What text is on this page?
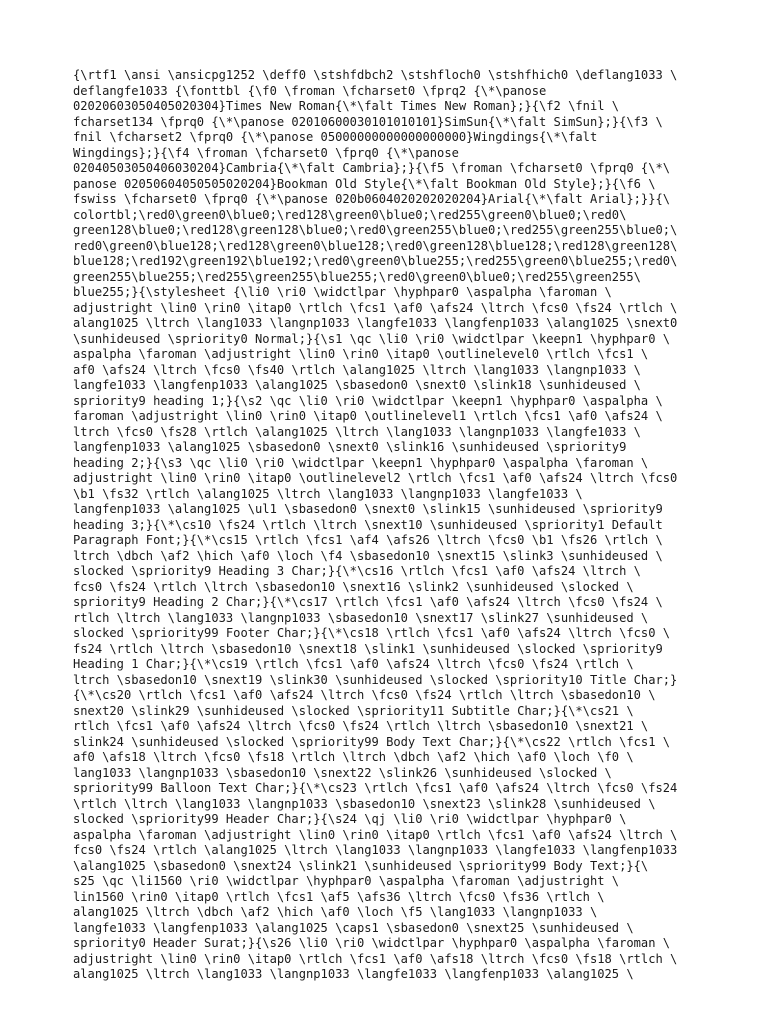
{\rtf1 \ansi \ansicpg1252 \deff0 \stshfdbch2 \stshfloch0 \stshfhich0 \deflang1033 \
deflangfe1033 {\fonttbl {\f0 \froman \fcharset0 \fprq2 {\*\panose
02020603050405020304}Times New Roman{\*\falt Times New Roman};}{\f2 \fnil \
fcharset134 \fprq0 {\*\panose 02010600030101010101}SimSun{\*\falt SimSun};}{\f3 \
fnil \fcharset2 \fprq0 {\*\panose 05000000000000000000}Wingdings{\*\falt
Wingdings};}{\f4 \froman \fcharset0 \fprq0 {\*\panose
02040503050406030204}Cambria{\*\falt Cambria};}{\f5 \froman \fcharset0 \fprq0 {\*\
panose 02050604050505020204}Bookman Old Style{\*\falt Bookman Old Style};}{\f6 \
fswiss \fcharset0 \fprq0 {\*\panose 020b0604020202020204}Arial{\*\falt Arial};}}{\
colortbl;\red0\green0\blue0;\red128\green0\blue0;\red255\green0\blue0;\red0\
green128\blue0;\red128\green128\blue0;\red0\green255\blue0;\red255\green255\blue0;\
red0\green0\blue128;\red128\green0\blue128;\red0\green128\blue128;\red128\green128\
blue128;\red192\green192\blue192;\red0\green0\blue255;\red255\green0\blue255;\red0\
green255\blue255;\red255\green255\blue255;\red0\green0\blue0;\red255\green255\
blue255;}{\stylesheet {\li0 \ri0 \widctlpar \hyphpar0 \aspalpha \faroman \
adjustright \lin0 \rin0 \itap0 \rtlch \fcs1 \af0 \afs24 \ltrch \fcs0 \fs24 \rtlch \
alang1025 \ltrch \lang1033 \langnp1033 \langfe1033 \langfenp1033 \alang1025 \snext0
\sunhideused \spriority0 Normal;}{\s1 \qc \li0 \ri0 \widctlpar \keepn1 \hyphpar0 \
aspalpha \faroman \adjustright \lin0 \rin0 \itap0 \outlinelevel0 \rtlch \fcs1 \
af0 \afs24 \ltrch \fcs0 \fs40 \rtlch \alang1025 \ltrch \lang1033 \langnp1033 \
langfe1033 \langfenp1033 \alang1025 \sbasedon0 \snext0 \slink18 \sunhideused \
spriority9 heading 1;}{\s2 \qc \li0 \ri0 \widctlpar \keepn1 \hyphpar0 \aspalpha \
faroman \adjustright \lin0 \rin0 \itap0 \outlinelevel1 \rtlch \fcs1 \af0 \afs24 \
ltrch \fcs0 \fs28 \rtlch \alang1025 \ltrch \lang1033 \langnp1033 \langfe1033 \
langfenp1033 \alang1025 \sbasedon0 \snext0 \slink16 \sunhideused \spriority9
heading 2;}{\s3 \qc \li0 \ri0 \widctlpar \keepn1 \hyphpar0 \aspalpha \faroman \
adjustright \lin0 \rin0 \itap0 \outlinelevel2 \rtlch \fcs1 \af0 \afs24 \ltrch \fcs0
\b1 \fs32 \rtlch \alang1025 \ltrch \lang1033 \langnp1033 \langfe1033 \
langfenp1033 \alang1025 \ul1 \sbasedon0 \snext0 \slink15 \sunhideused \spriority9
heading 3;}{\*\cs10 \fs24 \rtlch \ltrch \snext10 \sunhideused \spriority1 Default
Paragraph Font;}{\*\cs15 \rtlch \fcs1 \af4 \afs26 \ltrch \fcs0 \b1 \fs26 \rtlch \
ltrch \dbch \af2 \hich \af0 \loch \f4 \sbasedon10 \snext15 \slink3 \sunhideused \
slocked \spriority9 Heading 3 Char;}{\*\cs16 \rtlch \fcs1 \af0 \afs24 \ltrch \
fcs0 \fs24 \rtlch \ltrch \sbasedon10 \snext16 \slink2 \sunhideused \slocked \
spriority9 Heading 2 Char;}{\*\cs17 \rtlch \fcs1 \af0 \afs24 \ltrch \fcs0 \fs24 \
rtlch \ltrch \lang1033 \langnp1033 \sbasedon10 \snext17 \slink27 \sunhideused \
slocked \spriority99 Footer Char;}{\*\cs18 \rtlch \fcs1 \af0 \afs24 \ltrch \fcs0 \
fs24 \rtlch \ltrch \sbasedon10 \snext18 \slink1 \sunhideused \slocked \spriority9
Heading 1 Char;}{\*\cs19 \rtlch \fcs1 \af0 \afs24 \ltrch \fcs0 \fs24 \rtlch \
ltrch \sbasedon10 \snext19 \slink30 \sunhideused \slocked \spriority10 Title Char;}
{\*\cs20 \rtlch \fcs1 \af0 \afs24 \ltrch \fcs0 \fs24 \rtlch \ltrch \sbasedon10 \
snext20 \slink29 \sunhideused \slocked \spriority11 Subtitle Char;}{\*\cs21 \
rtlch \fcs1 \af0 \afs24 \ltrch \fcs0 \fs24 \rtlch \ltrch \sbasedon10 \snext21 \
slink24 \sunhideused \slocked \spriority99 Body Text Char;}{\*\cs22 \rtlch \fcs1 \
af0 \afs18 \ltrch \fcs0 \fs18 \rtlch \ltrch \dbch \af2 \hich \af0 \loch \f0 \
lang1033 \langnp1033 \sbasedon10 \snext22 \slink26 \sunhideused \slocked \
spriority99 Balloon Text Char;}{\*\cs23 \rtlch \fcs1 \af0 \afs24 \ltrch \fcs0 \fs24
\rtlch \ltrch \lang1033 \langnp1033 \sbasedon10 \snext23 \slink28 \sunhideused \
slocked \spriority99 Header Char;}{\s24 \qj \li0 \ri0 \widctlpar \hyphpar0 \
aspalpha \faroman \adjustright \lin0 \rin0 \itap0 \rtlch \fcs1 \af0 \afs24 \ltrch \
fcs0 \fs24 \rtlch \alang1025 \ltrch \lang1033 \langnp1033 \langfe1033 \langfenp1033
\alang1025 \sbasedon0 \snext24 \slink21 \sunhideused \spriority99 Body Text;}{\
s25 \qc \li1560 \ri0 \widctlpar \hyphpar0 \aspalpha \faroman \adjustright \
lin1560 \rin0 \itap0 \rtlch \fcs1 \af5 \afs36 \ltrch \fcs0 \fs36 \rtlch \
alang1025 \ltrch \dbch \af2 \hich \af0 \loch \f5 \lang1033 \langnp1033 \
langfe1033 \langfenp1033 \alang1025 \caps1 \sbasedon0 \snext25 \sunhideused \
spriority0 Header Surat;}{\s26 \li0 \ri0 \widctlpar \hyphpar0 \aspalpha \faroman \
adjustright \lin0 \rin0 \itap0 \rtlch \fcs1 \af0 \afs18 \ltrch \fcs0 \fs18 \rtlch \
alang1025 \ltrch \lang1033 \langnp1033 \langfe1033 \langfenp1033 \alang1025 \
